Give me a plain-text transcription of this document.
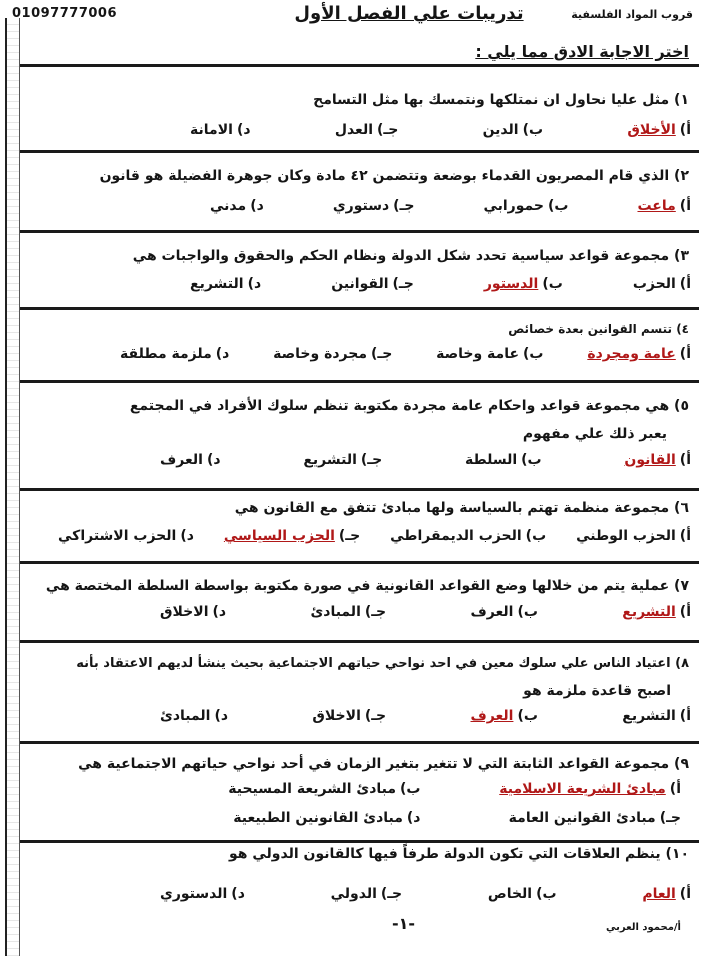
01097777006	قروب المواد الفلسفية
تدريبات علي الفصل الأول
اختر الاجابة الادق مما يلي :
١) مثل عليا نحاول ان نمتلكها ونتمسك بها مثل التسامح
أ)الأخلاق
ب)الدين
جـ)العدل
د)الامانة
٢) الذي قام المصريون القدماء بوضعة وتتضمن ٤٢ مادة وكان جوهرة الفضيلة هو قانون
أ)ماعت
ب)حمورابي
جـ)دستوري
د)مدني
٣) مجموعة قواعد سياسية تحدد شكل الدولة ونظام الحكم والحقوق والواجبات هي
أ)الحزب
ب)الدستور
جـ)القوانين
د)التشريع
٤) تتسم القوانين بعدة خصائص
أ)عامة ومجردة
ب)عامة وخاصة
جـ)مجردة وخاصة
د)ملزمة مطلقة
٥) هي مجموعة قواعد واحكام عامة مجردة مكتوبة تنظم سلوك الأفراد في المجتمع
يعبر ذلك علي مفهوم
أ)القانون
ب)السلطة
جـ)التشريع
د)العرف
٦) مجموعة منظمة تهتم بالسياسة ولها مبادئ تتفق مع القانون هي
أ)الحزب الوطني
ب)الحزب الديمقراطي
جـ)الحزب السياسي
د)الحزب الاشتراكي
٧) عملية يتم من خلالها وضع القواعد القانونية في صورة مكتوبة بواسطة السلطة المختصة هي
أ)التشريع
ب)العرف
جـ)المبادئ
د)الاخلاق
٨) اعتياد الناس علي سلوك معين في احد نواحي حياتهم الاجتماعية بحيث ينشأ لديهم الاعتقاد بأنه
اصبح قاعدة ملزمة هو
أ)التشريع
ب)العرف
جـ)الاخلاق
د)المبادئ
٩) مجموعة القواعد الثابتة التي لا تتغير بتغير الزمان في أحد نواحي حياتهم الاجتماعية هي
أ)مبادئ الشريعة الاسلامية
ب)مبادئ الشريعة المسيحية
جـ)مبادئ القوانين العامة
د)مبادئ القانونين الطبيعية
١٠) ينظم العلاقات التي تكون الدولة طرفاً فيها كالقانون الدولي هو
أ)العام
ب)الخاص
جـ)الدولي
د)الدستوري
-١-	أ/محمود العربي
